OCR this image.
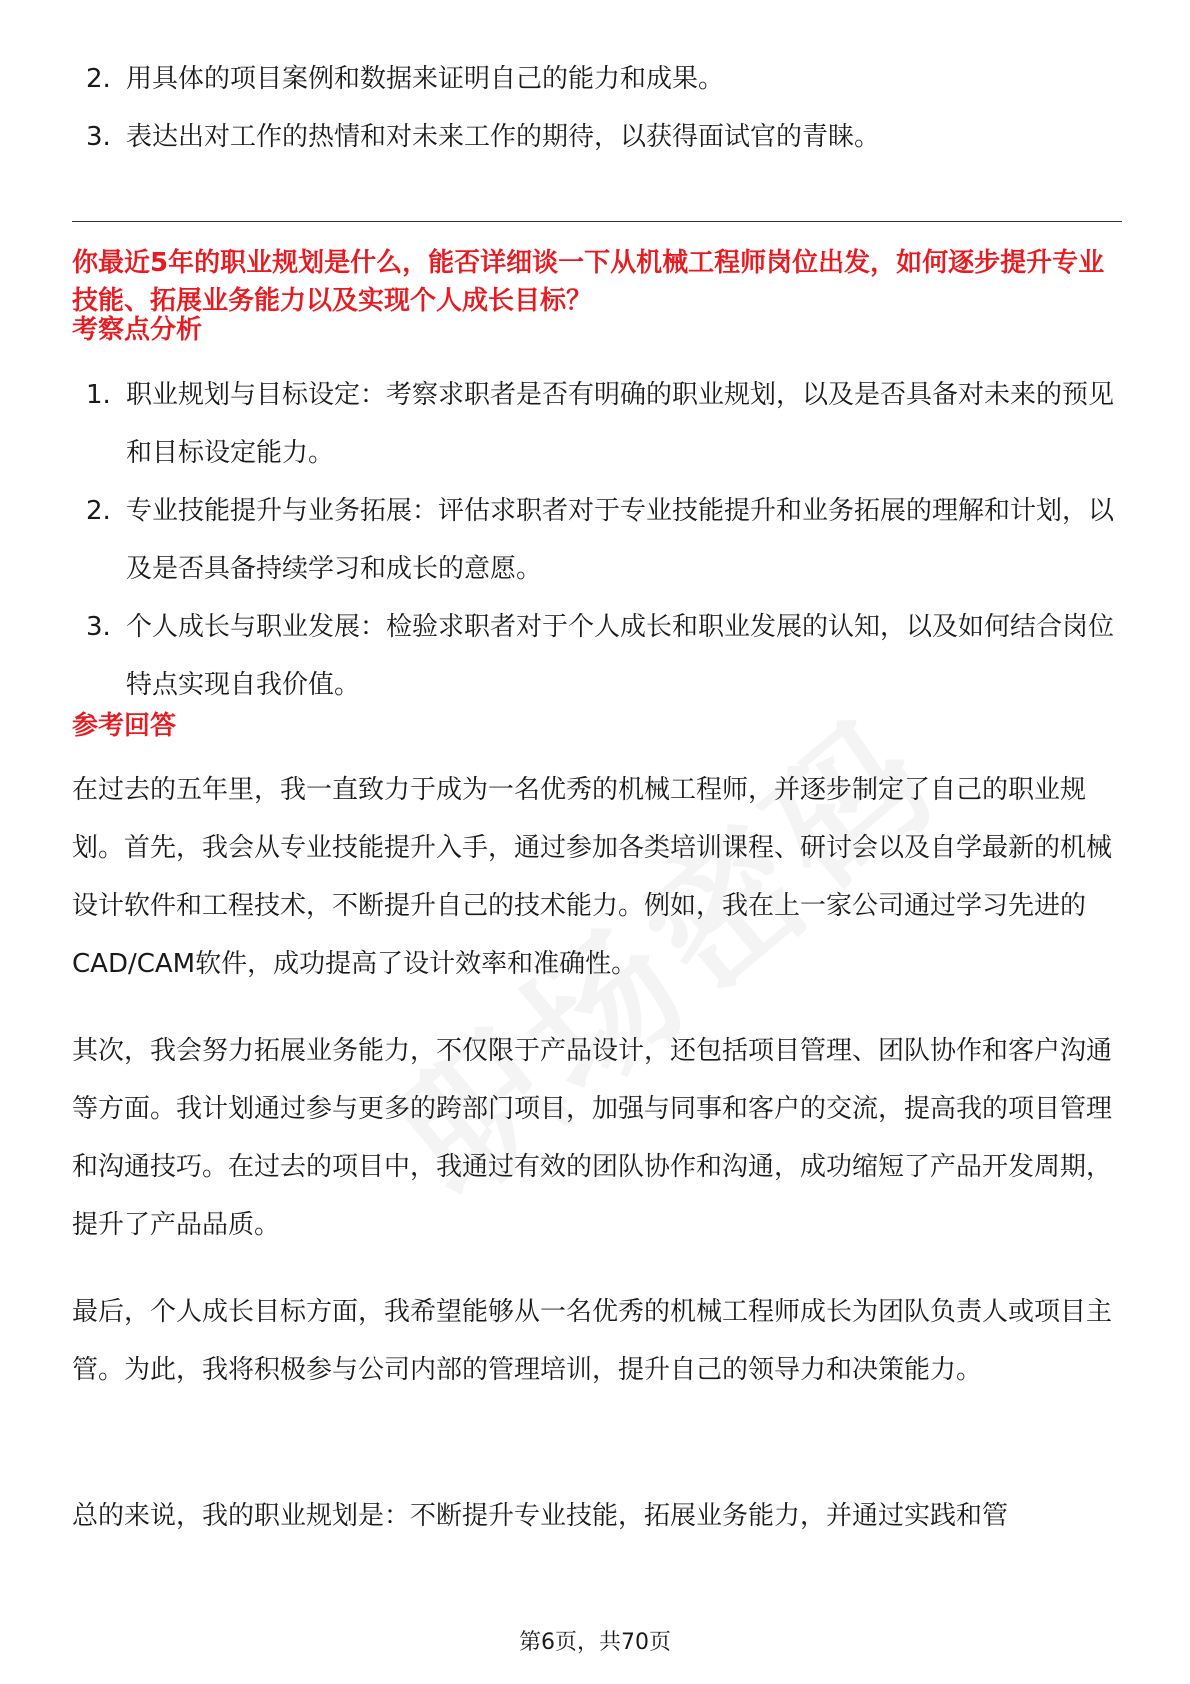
2. 用具体的项目案例和数据来证明自己的能力和成果。
3. 表达出对工作的热情和对未来工作的期待，以获得面试官的青睐。

你最近5年的职业规划是什么，能否详细谈一下从机械工程师岗位出发，如何逐步提升专业技能、拓展业务能力以及实现个人成长目标？

考察点分析

1. 职业规划与目标设定：考察求职者是否有明确的职业规划，以及是否具备对未来的预见和目标设定能力。
2. 专业技能提升与业务拓展：评估求职者对于专业技能提升和业务拓展的理解和计划，以及是否具备持续学习和成长的意愿。
3. 个人成长与职业发展：检验求职者对于个人成长和职业发展的认知，以及如何结合岗位特点实现自我价值。

参考回答

在过去的五年里，我一直致力于成为一名优秀的机械工程师，并逐步制定了自己的职业规划。首先，我会从专业技能提升入手，通过参加各类培训课程、研讨会以及自学最新的机械设计软件和工程技术，不断提升自己的技术能力。例如，我在上一家公司通过学习先进的CAD/CAM软件，成功提高了设计效率和准确性。

其次，我会努力拓展业务能力，不仅限于产品设计，还包括项目管理、团队协作和客户沟通等方面。我计划通过参与更多的跨部门项目，加强与同事和客户的交流，提高我的项目管理和沟通技巧。在过去的项目中，我通过有效的团队协作和沟通，成功缩短了产品开发周期，提升了产品品质。

最后，个人成长目标方面，我希望能够从一名优秀的机械工程师成长为团队负责人或项目主管。为此，我将积极参与公司内部的管理培训，提升自己的领导力和决策能力。

总的来说，我的职业规划是：不断提升专业技能，拓展业务能力，并通过实践和管

第6页，共70页
